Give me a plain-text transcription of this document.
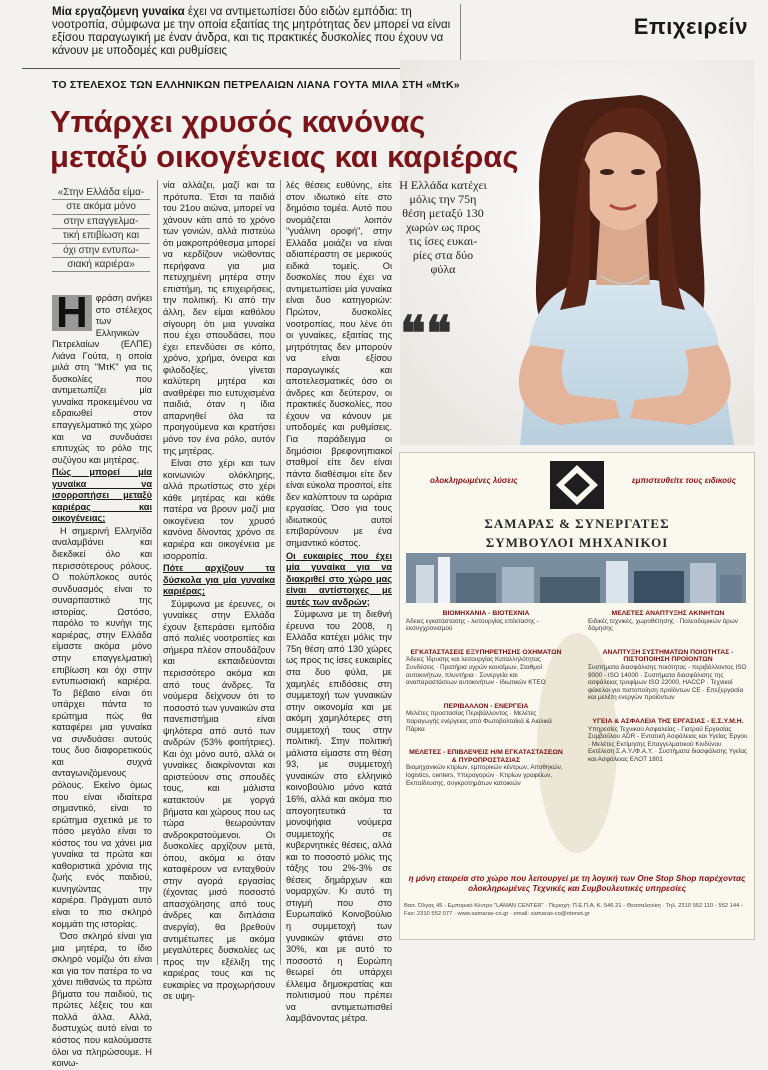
Μία εργαζόμενη γυναίκα έχει να αντιμετωπίσει δύο ειδών εμπόδια: τη νοοτροπία, σύμφωνα με την οποία εξαιτίας της μητρότητας δεν μπορεί να είναι εξίσου παραγωγική με έναν άνδρα, και τις πρακτικές δυσκολίες που έχουν να κάνουν με υποδομές και ρυθμίσεις
Επιχειρείν
Η Ελλάδα κατέχει
μόλις την 75η
θέση μεταξύ 130
χωρών ως προς
τις ίσες ευκαι-
ρίες στα δύο
φύλα
❝❝
ΤΟ ΣΤΕΛΕΧΟΣ ΤΩΝ ΕΛΛΗΝΙΚΩΝ ΠΕΤΡΕΛΑΙΩΝ ΛΙΑΝΑ ΓΟΥΤΑ ΜΙΛΑ ΣΤΗ «ΜτΚ»
Υπάρχει χρυσός κανόνας
μεταξύ οικογένειας και καριέρας
«Στην Ελλάδα είμα-
στε ακόμα μόνο
στην επαγγελμα-
τική επιβίωση και
όχι στην εντυπω-
σιακή καριέρα»

Η φράση ανήκει στο στέλεχος των Ελληνικών Πετρελαίων (ΕΛΠΕ) Λιάνα Γούτα, η οποία μιλά στη "ΜτΚ" για τις δυσκολίες που αντιμετωπίζει μία γυναίκα προκειμένου να εδραιωθεί στον επαγγελματικό της χώρο και να συνδυάσει επιτυχώς το ρόλο της συζύγου και μητέρας.

Πώς μπορεί μία γυναίκα να ισορροπήσει μεταξύ καριέρας και οικογένειας;

Η σημερινή Ελληνίδα αναλαμβάνει και διεκδικεί όλο και περισσότερους ρόλους. Ο πολύπλοκος αυτός συνδυασμός είναι το συναρπαστικό της ιστορίας. Ωστόσο, παρόλο το κυνήγι της καριέρας, στην Ελλάδα είμαστε ακόμα μόνο στην επαγγελματική επιβίωση και όχι στην εντυπωσιακή καριέρα. Το βέβαιο είναι ότι υπάρχει πάντα το ερώτημα πώς θα καταφέρει μια γυναίκα να συνδυάσει αυτούς τους δυο διαφορετικούς και συχνά ανταγωνιζόμενους ρόλους. Εκείνο όμως που είναι ιδιαίτερα σημαντικό, είναι το ερώτημα σχετικά με το πόσο μεγάλο είναι το κόστος του να χάνει μια γυναίκα τα πρώτα και καθοριστικά χρόνια της ζωής ενός παιδιού, κυνηγώντας την καριέρα. Πράγματι αυτό είναι το πιο σκληρό κομμάτι της ιστορίας.

Όσο σκληρό είναι για μια μητέρα, το ίδιο σκληρό νομίζω ότι είναι και για τον πατέρα το να χάνει πιθανώς τα πρώτα βήματα του παιδιού, τις πρώτες λέξεις του και πολλά άλλα. Αλλά, δυστυχώς αυτό είναι το κόστος που καλούμαστε όλοι να πληρώσουμε. Η κοινω-

νία αλλάζει, μαζί και τα πρότυπα. Έτσι τα παιδιά του 21ου αιώνα, μπορεί να χάνουν κάτι από το χρόνο των γονιών, αλλά πιστεύω ότι μακροπρόθεσμα μπορεί να κερδίζουν νιώθοντας περήφανα για μια πετυχημένη μητέρα στην επιστήμη, τις επιχειρήσεις, την πολιτική. Κι από την άλλη, δεν είμαι καθόλου σίγουρη ότι μια γυναίκα που έχει σπουδάσει, που έχει επενδύσει σε κόπο, χρόνο, χρήμα, όνειρα και φιλοδοξίες, γίνεται καλύτερη μητέρα και αναθρέφει πιο ευτυχισμένα παιδιά, όταν η ίδια απαρνηθεί όλα τα προηγούμενα και κρατήσει μόνο τον ένα ρόλο, αυτόν της μητέρας.

Είναι στο χέρι και των κοινωνιών ολόκληρης, αλλά πρωτίστως στο χέρι κάθε μητέρας και κάθε πατέρα να βρουν μαζί μια οικογένεια τον χρυσό κανόνα δίνοντας χρόνο σε καριέρα και οικογένεια με ισορροπία.

Πότε αρχίζουν τα δύσκολα για μία γυναίκα καριέρας;

Σύμφωνα με έρευνες, οι γυναίκες στην Ελλάδα έχουν ξεπεράσει εμπόδια από παλιές νοοτροπίες και σήμερα πλέον σπουδάζουν και εκπαιδεύονται περισσότερο ακόμα και από τους άνδρες. Τα νούμερα δείχνουν ότι το ποσοστό των γυναικών στα πανεπιστήμια είναι ψηλότερα από αυτό των ανδρών (53% φοιτήτριες). Και όχι μόνο αυτό, αλλά οι γυναίκες διακρίνονται και αριστεύουν στις σπουδές τους, και μάλιστα κατακτούν με γοργά βήματα και χώρους που ως τώρα θεωρούνταν ανδροκρατούμενοι. Οι δυσκολίες αρχίζουν μετά, όπου, ακόμα κι όταν καταφέρουν να ενταχθούν στην αγορά εργασίας (έχοντας μισό ποσοστό απασχόλησης από τους άνδρες και διπλάσια ανεργία), θα βρεθούν αντιμέτωπες με ακόμα μεγαλύτερες δυσκολίες ως προς την εξέλιξη της καριέρας τους και τις ευκαιρίες να προχωρήσουν σε υψη-

λές θέσεις ευθύνης, είτε στον ιδιωτικό είτε στο δημόσιο τομέα. Αυτό που ονομάζεται λοιπόν "γυάλινη οροφή", στην Ελλάδα μοιάζει να είναι αδιαπέραστη σε μερικούς ειδικά τομείς. Οι δυσκολίες που έχει να αντιμετωπίσει μία γυναίκα είναι δυο κατηγοριών: Πρώτον, δυσκολίες νοοτροπίας, που λένε ότι οι γυναίκες, εξαιτίας της μητρότητας δεν μπορούν να είναι εξίσου παραγωγικές και αποτελεσματικές όσο οι άνδρες και δεύτερον, οι πρακτικές δυσκολίες, που έχουν να κάνουν με υποδομές και ρυθμίσεις. Για παράδειγμα οι δημόσιοι βρεφονηπιακοί σταθμοί είτε δεν είναι πάντα διαθέσιμοι είτε δεν είναι εύκολα προσιτοί, είτε δεν καλύπτουν τα ωράρια εργασίας. Όσο για τους ιδιωτικούς αυτοί επιβαρύνουν με ένα σημαντικό κόστος.

Οι ευκαιρίες που έχει μία γυναίκα για να διακριθεί στο χώρο μας είναι αντίστοιχες με αυτές των ανδρών;

Σύμφωνα με τη διεθνή έρευνα του 2008, η Ελλάδα κατέχει μόλις την 75η θέση από 130 χώρες ως προς τις ίσες ευκαιρίες στα δυο φύλα, με χαμηλές επιδόσεις στη συμμετοχή των γυναικών στην οικονομία και με ακόμη χαμηλότερες στη συμμετοχή τους στην πολιτική. Στην πολιτική μάλιστα είμαστε στη θέση 93, με συμμετοχή γυναικών στο ελληνικό κοινοβούλιο μόνο κατά 16%, αλλά και ακόμα πιο απογοητευτικά τα μονοψήφια νούμερα συμμετοχής σε κυβερνητικές θέσεις, αλλά και το ποσοστό μόλις της τάξης του 2%-3% σε θέσεις δημάρχων και νομαρχών. Κι αυτό τη στιγμή που στο Ευρωπαϊκό Κοινοβούλιο η συμμετοχή των γυναικών φτάνει στο 30%, και με αυτό το ποσοστό η Ευρώπη θεωρεί ότι υπάρχει έλλειμα δημοκρατίας και πολιτισμού που πρέπει να αντιμετωπισθεί λαμβάνοντας μέτρα.

ολοκληρωμένες λύσεις	εμπιστευθείτε τους ειδικούς
ΣΑΜΑΡΑΣ & ΣΥΝΕΡΓΑΤΕΣ
ΣΥΜΒΟΥΛΟΙ ΜΗΧΑΝΙΚΟΙ
ΒΙΟΜΗΧΑΝΙΑ - ΒΙΟΤΕΧΝΙΑ
Άδειες εγκατάστασης - λειτουργίας επέκτασης - εκσυγχρονισμού
ΕΓΚΑΤΑΣΤΑΣΕΙΣ ΕΞΥΠΗΡΕΤΗΣΗΣ ΟΧΗΜΑΤΩΝ
Άδειες Ίδρυσης και λειτουργίας Καταλληλότητας Συνδέσεις · Πρατήρια υγρών καυσίμων, Σταθμοί αυτοκινήτων, πλυντήρια · Συνεργεία και αναπαραστάσεων αυτοκινήτων · Ιδιωτικών ΚΤΕΟ
ΠΕΡΙΒΑΛΛΟΝ - ΕΝΕΡΓΕΙΑ
Μελέτες προστασίας Περιβάλλοντος · Μελέτες παραγωγής ενέργειας από Φωτοβολταϊκά & Αιολικά Πάρκα
ΜΕΛΕΤΕΣ - ΕΠΙΒΛΕΨΕΙΣ Η/Μ ΕΓΚΑΤΑΣΤΑΣΕΩΝ & ΠΥΡΟΠΡΟΣΤΑΣΙΑΣ
Βιομηχανικών κτιρίων, εμπορικών κέντρων, Αποθηκών, logistics, centers, Υπεραγορών · Κτιρίων γραφείων, Εκπαίδευσης, συγκροτημάτων κατοικιών
ΜΕΛΕΤΕΣ ΑΝΑΠΤΥΞΗΣ ΑΚΙΝΗΤΩΝ
Ειδικές τεχνικές, χωροθέτησης · Πολεοδομικών όρων δόμησης
ΑΝΑΠΤΥΞΗ ΣΥΣΤΗΜΑΤΩΝ ΠΟΙΟΤΗΤΑΣ - ΠΙΣΤΟΠΟΙΗΣΗ ΠΡΟΪΟΝΤΩΝ
Συστήματα διασφάλισης ποιότητας - περιβάλλοντος ISO 9000 - ISO 14000 · Συστήματα διασφάλισης της ασφάλειας τροφίμων ISO 22000, HACCP · Τεχνικοί φάκελοι για πιστοποίηση προϊόντων CE · Επεξεργασία και μελέτη ενεργών προϊόντων
ΥΓΕΙΑ & ΑΣΦΑΛΕΙΑ ΤΗΣ ΕΡΓΑΣΙΑΣ - Ε.Σ.Υ.Μ.Η.
Υπηρεσίες Τεχνικού Ασφαλείας - Γιατρού Εργασίας Συμβούλου ADR - Εντατική Ασφάλειας και Υγείας Έργου · Μελέτες Εκτίμησης Επαγγελματικού Κινδύνου Εκτέλεση Σ.Α.Υ./Φ.Α.Υ. · Συστήματα διασφάλισης Υγείας και Ασφάλειας ΕΛΟΤ 1801
η μόνη εταιρεία στο χώρο που λειτουργεί με τη λογική των One Stop Shop παρέχοντας ολοκληρωμένες Τεχνικές και Συμβουλευτικές υπηρεσίες
Βασ. Όλγας 45 - Εμπορικό Κέντρο "LAMAN CENTER" · Περιοχή: Π.Ε.Π.Α. Κ. 546 21 - Θεσσαλονίκη · Τηλ. 2310 552 110 - 552 144 - Fax: 2310 552 077 · www.samaras-co.gr · email: samaras-co@otenet.gr
